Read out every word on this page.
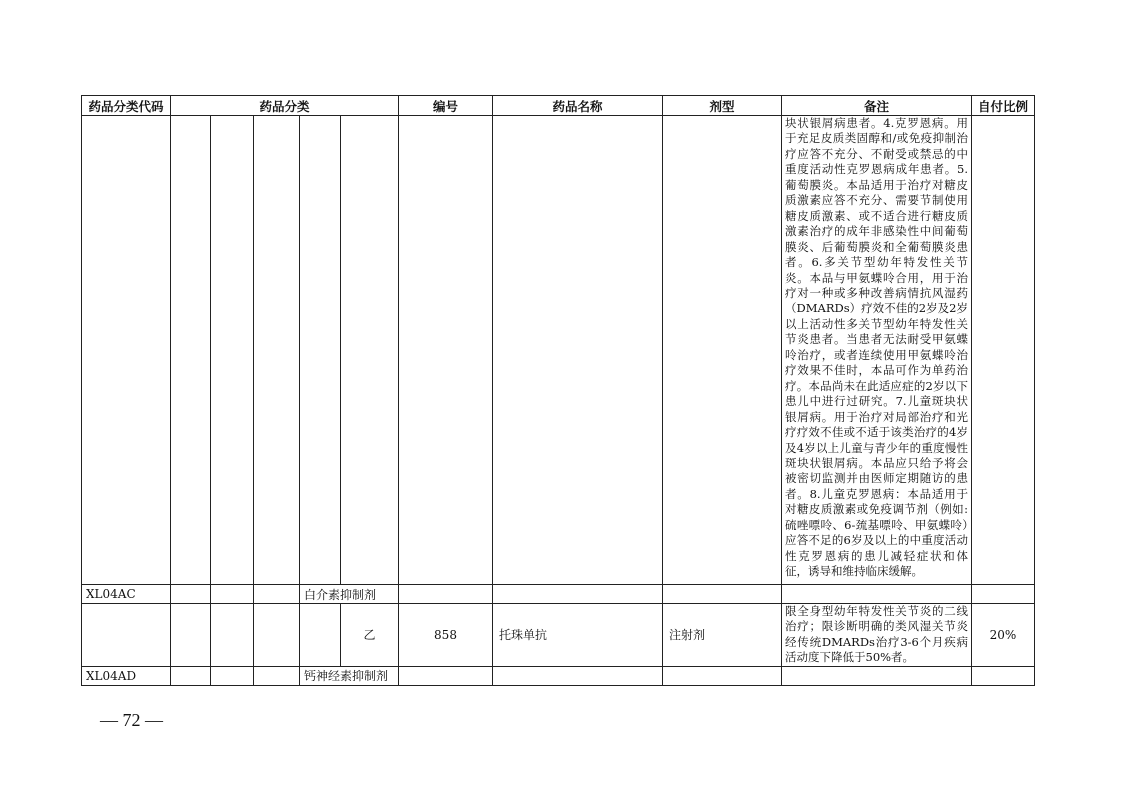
药品分类代码	药品分类					编号	药品名称	剂型	备注	自付比例
									块状银屑病患者。4.克罗恩病。用于充足皮质类固醇和/或免疫抑制治疗应答不充分、不耐受或禁忌的中重度活动性克罗恩病成年患者。5.葡萄膜炎。本品适用于治疗对糖皮质激素应答不充分、需要节制使用糖皮质激素、或不适合进行糖皮质激素治疗的成年非感染性中间葡萄膜炎、后葡萄膜炎和全葡萄膜炎患者。6.多关节型幼年特发性关节炎。本品与甲氨蝶呤合用，用于治疗对一种或多种改善病情抗风湿药（DMARDs）疗效不佳的2岁及2岁以上活动性多关节型幼年特发性关节炎患者。当患者无法耐受甲氨蝶呤治疗，或者连续使用甲氨蝶呤治疗效果不佳时，本品可作为单药治疗。本品尚未在此适应症的2岁以下患儿中进行过研究。7.儿童斑块状银屑病。用于治疗对局部治疗和光疗疗效不佳或不适于该类治疗的4岁及4岁以上儿童与青少年的重度慢性斑块状银屑病。本品应只给予将会被密切监测并由医师定期随访的患者。8.儿童克罗恩病：本品适用于对糖皮质激素或免疫调节剂（例如:硫唑嘌呤、6-巯基嘌呤、甲氨蝶呤）应答不足的6岁及以上的中重度活动性克罗恩病的患儿减轻症状和体征，诱导和维持临床缓解。	
XL04AC				白介素抑制剂						
					乙	858	托珠单抗	注射剂	限全身型幼年特发性关节炎的二线治疗；限诊断明确的类风湿关节炎经传统DMARDs治疗3-6个月疾病活动度下降低于50%者。	20%
XL04AD				钙神经素抑制剂						
— 72 —
